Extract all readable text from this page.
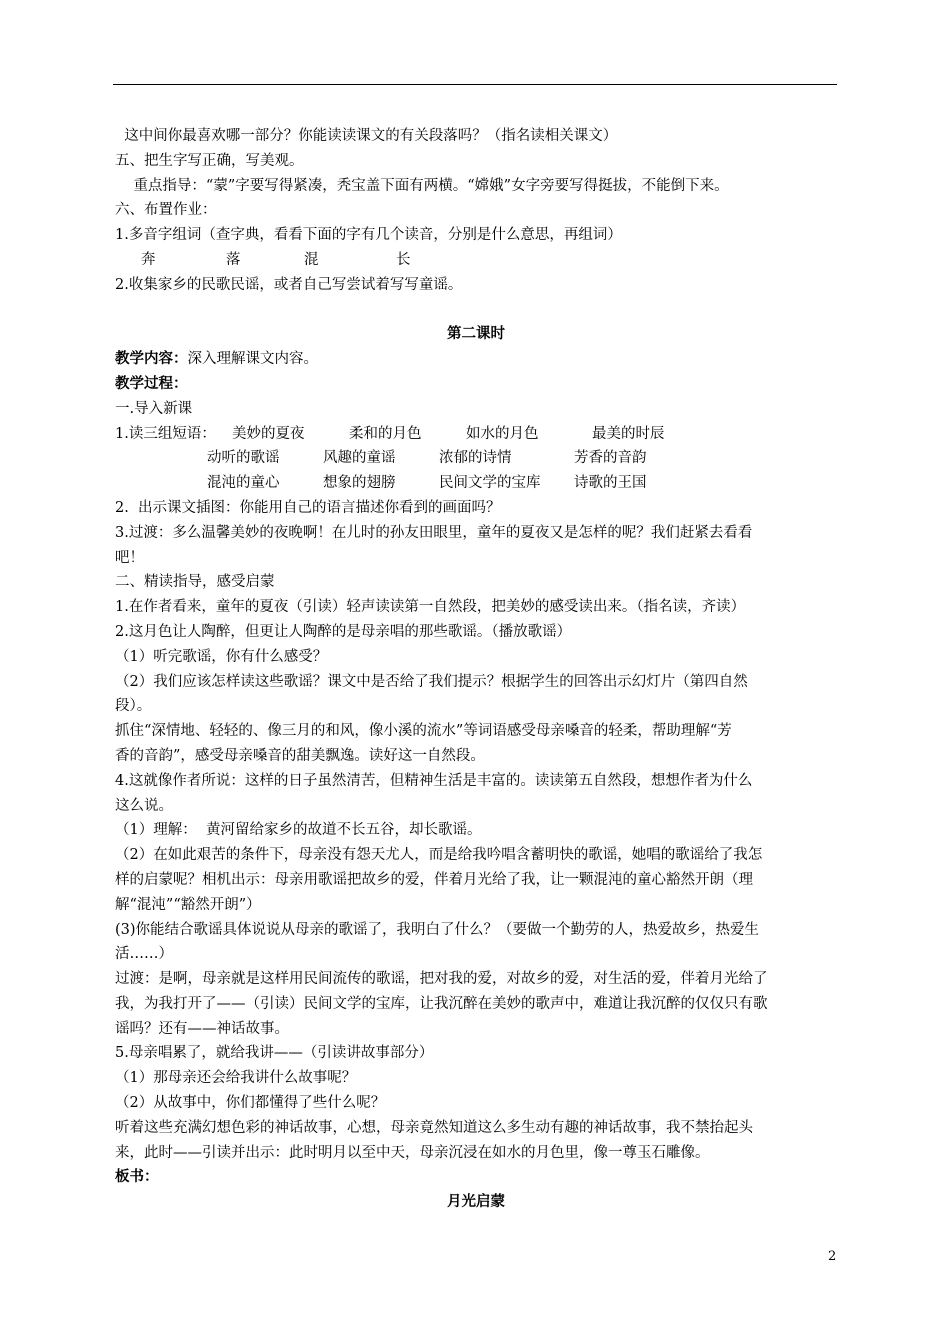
这中间你最喜欢哪一部分？你能读读课文的有关段落吗？（指名读相关课文）

五、把生字写正确，写美观。

重点指导：“蒙”字要写得紧凑，秃宝盖下面有两横。“嫦娥”女字旁要写得挺拔，不能倒下来。

六、布置作业：

1.多音字组词（查字典，看看下面的字有几个读音，分别是什么意思，再组词）

奔	落	混	长

2.收集家乡的民歌民谣，或者自己写尝试着写写童谣。

第二课时

教学内容：深入理解课文内容。

教学过程：

一.导入新课

1.读三组短语：	美妙的夏夜	柔和的月色	如水的月色	最美的时辰
动听的歌谣	风趣的童谣	浓郁的诗情	芳香的音韵
混沌的童心	想象的翅膀	民间文学的宝库	诗歌的王国

2.  出示课文插图：你能用自己的语言描述你看到的画面吗？

3.过渡：多么温馨美妙的夜晚啊！在儿时的孙友田眼里，童年的夏夜又是怎样的呢？我们赶紧去看看

吧！

二、精读指导，感受启蒙

1.在作者看来，童年的夏夜（引读）轻声读读第一自然段，把美妙的感受读出来。（指名读，齐读）

2.这月色让人陶醉，但更让人陶醉的是母亲唱的那些歌谣。（播放歌谣）

（1）听完歌谣，你有什么感受？

（2）我们应该怎样读这些歌谣？课文中是否给了我们提示？根据学生的回答出示幻灯片（第四自然

段）。

抓住“深情地、轻轻的、像三月的和风，像小溪的流水”等词语感受母亲嗓音的轻柔，帮助理解“芳

香的音韵”，感受母亲嗓音的甜美飘逸。读好这一自然段。

4.这就像作者所说：这样的日子虽然清苦，但精神生活是丰富的。读读第五自然段，想想作者为什么

这么说。

（1）理解：  黄河留给家乡的故道不长五谷，却长歌谣。

（2）在如此艰苦的条件下，母亲没有怨天尤人，而是给我吟唱含蓄明快的歌谣，她唱的歌谣给了我怎

样的启蒙呢？相机出示：母亲用歌谣把故乡的爱，伴着月光给了我，让一颗混沌的童心豁然开朗（理

解“混沌”“豁然开朗”）

(3)你能结合歌谣具体说说从母亲的歌谣了，我明白了什么？（要做一个勤劳的人，热爱故乡，热爱生

活……）

过渡：是啊，母亲就是这样用民间流传的歌谣，把对我的爱，对故乡的爱，对生活的爱，伴着月光给了

我，为我打开了——（引读）民间文学的宝库，让我沉醉在美妙的歌声中，难道让我沉醉的仅仅只有歌

谣吗？还有——神话故事。

5.母亲唱累了，就给我讲——（引读讲故事部分）

（1）那母亲还会给我讲什么故事呢？

（2）从故事中，你们都懂得了些什么呢？

听着这些充满幻想色彩的神话故事，心想，母亲竟然知道这么多生动有趣的神话故事，我不禁抬起头

来，此时——引读并出示：此时明月以至中天，母亲沉浸在如水的月色里，像一尊玉石雕像。

板书：

月光启蒙

2
